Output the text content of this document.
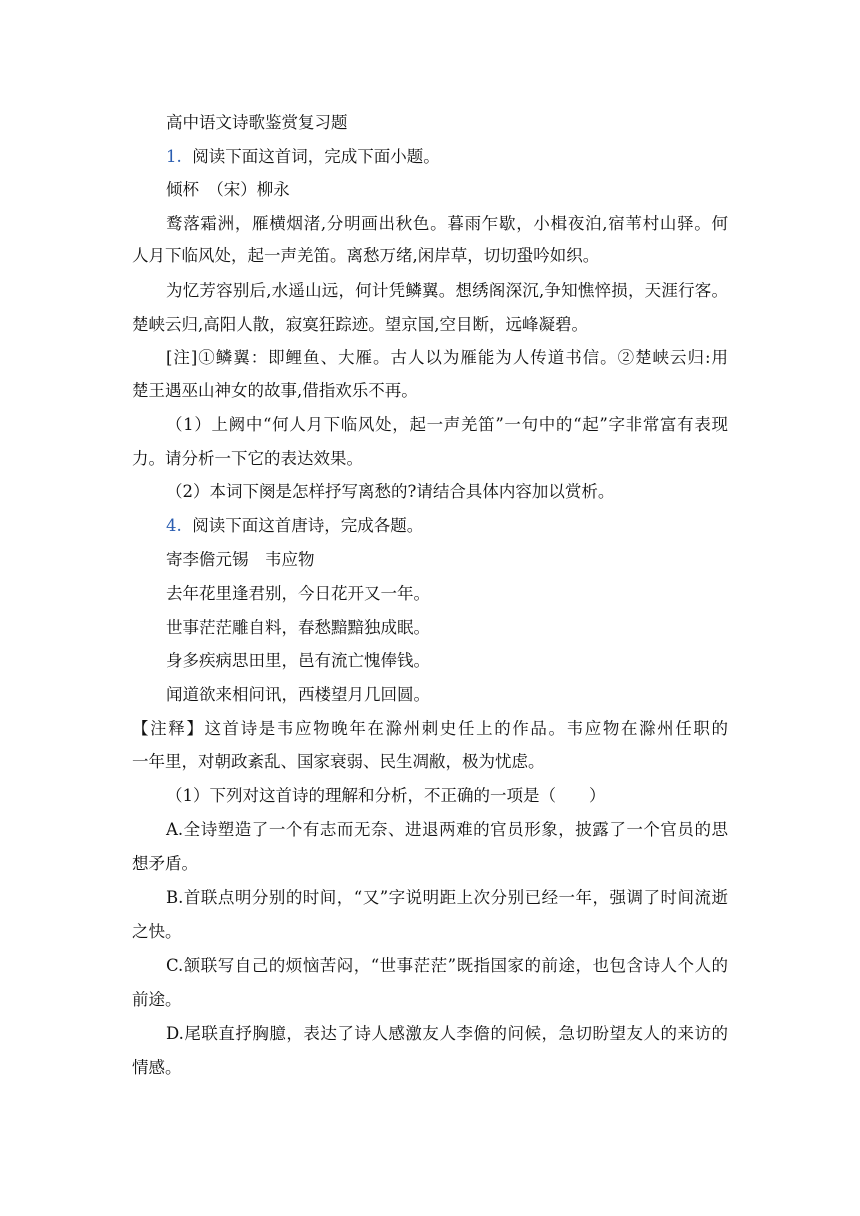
高中语文诗歌鉴赏复习题
1. 阅读下面这首词，完成下面小题。
倾杯　（宋）柳永
鹜落霜洲，雁横烟渚,分明画出秋色。暮雨乍歇，小楫夜泊,宿苇村山驿。何
人月下临风处，起一声羌笛。离愁万绪,闲岸草，切切蛩吟如织。
为忆芳容别后,水遥山远，何计凭鳞翼。想绣阁深沉,争知憔悴损，天涯行客。
楚峡云归,高阳人散，寂寞狂踪迹。望京国,空目断，远峰凝碧。
[注]①鳞翼：即鲤鱼、大雁。古人以为雁能为人传道书信。②楚峡云归:用
楚王遇巫山神女的故事,借指欢乐不再。
（1）上阙中“何人月下临风处，起一声羌笛”一句中的“起”字非常富有表现
力。请分析一下它的表达效果。
（2）本词下阕是怎样抒写离愁的?请结合具体内容加以赏析。
4. 阅读下面这首唐诗，完成各题。
寄李儋元锡　韦应物
去年花里逢君别，今日花开又一年。
世事茫茫雕自料，春愁黯黯独成眠。
身多疾病思田里，邑有流亡愧俸钱。
闻道欲来相问讯，西楼望月几回圆。
【注释】这首诗是韦应物晚年在滁州刺史任上的作品。韦应物在滁州任职的
一年里，对朝政紊乱、国家衰弱、民生凋敝，极为忧虑。
（1）下列对这首诗的理解和分析，不正确的一项是（　　）
A.全诗塑造了一个有志而无奈、进退两难的官员形象，披露了一个官员的思
想矛盾。
B.首联点明分别的时间，“又”字说明距上次分别已经一年，强调了时间流逝
之快。
C.颔联写自己的烦恼苦闷，“世事茫茫”既指国家的前途，也包含诗人个人的
前途。
D.尾联直抒胸臆，表达了诗人感激友人李儋的问候，急切盼望友人的来访的
情感。
